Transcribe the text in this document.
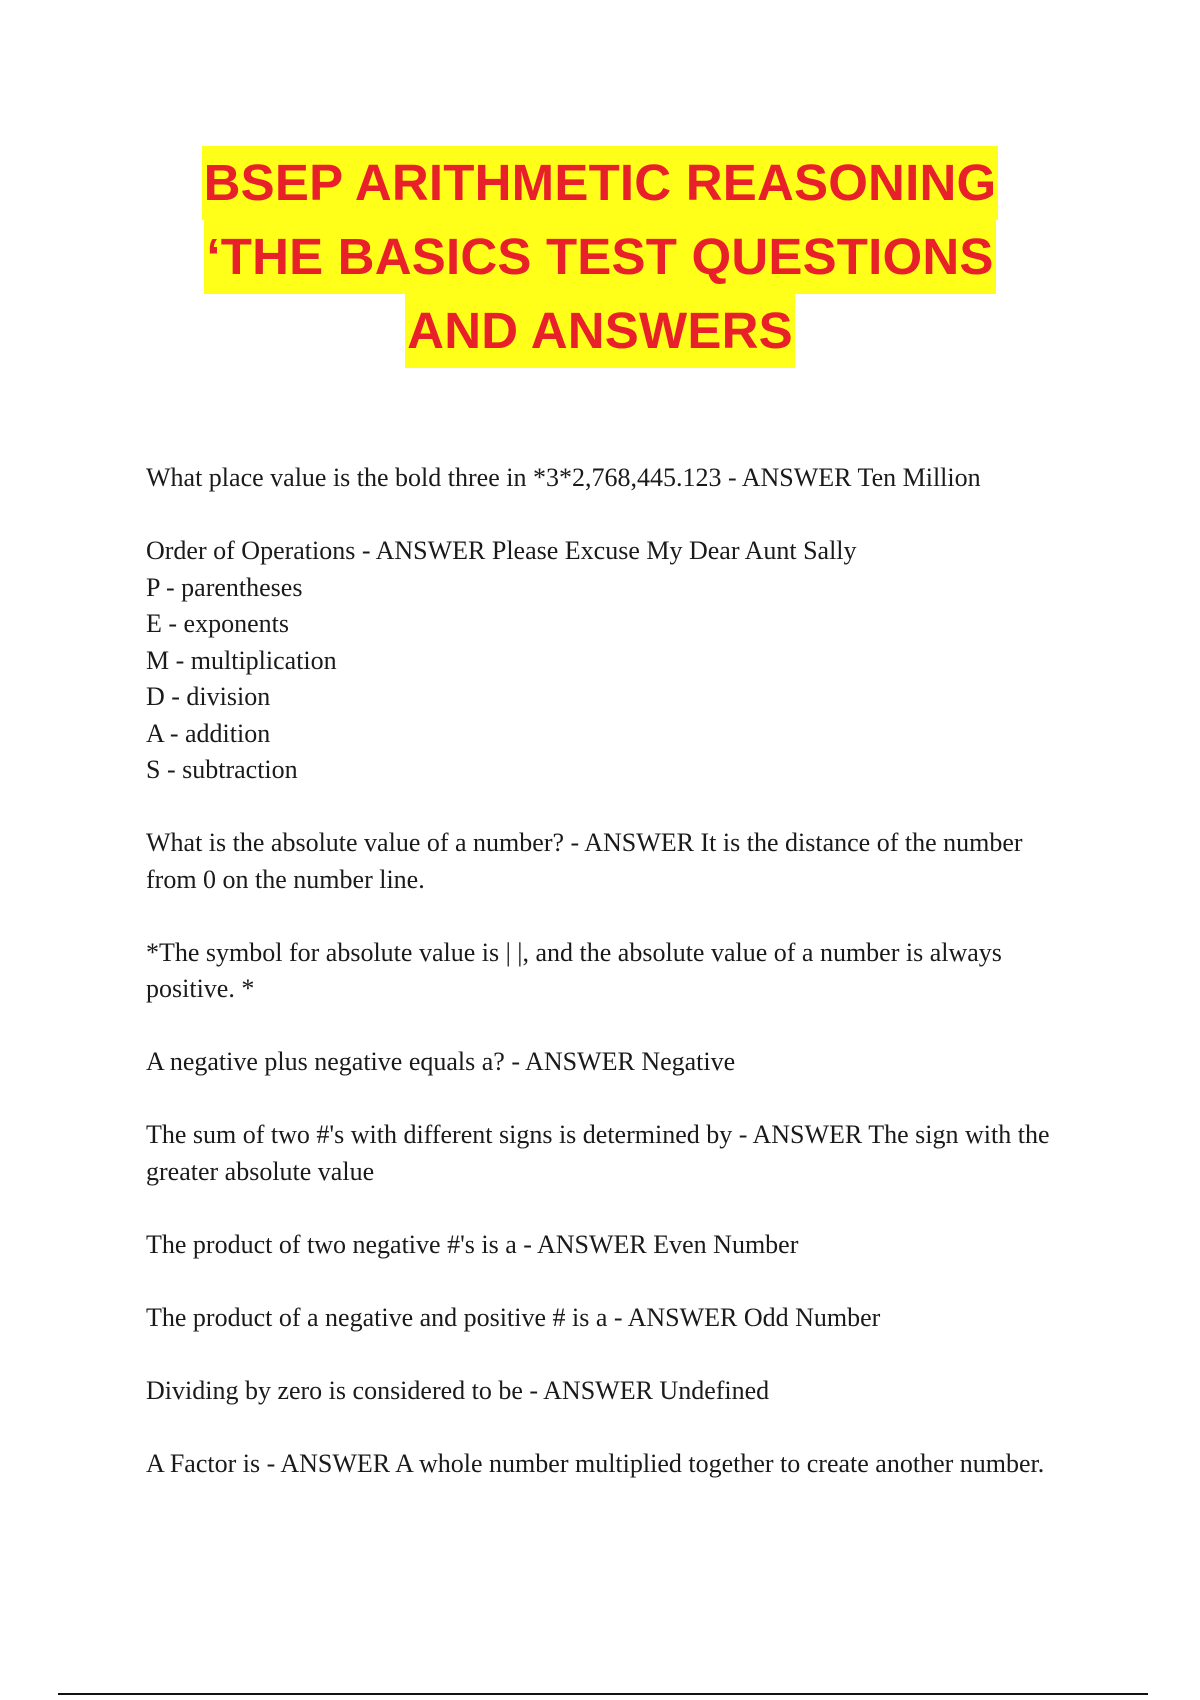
BSEP ARITHMETIC REASONING
‘THE BASICS TEST QUESTIONS
AND ANSWERS

What place value is the bold three in *3*2,768,445.123 - ANSWER Ten Million

Order of Operations - ANSWER Please Excuse My Dear Aunt Sally

P - parentheses

E - exponents

M - multiplication

D - division

A - addition

S - subtraction

What is the absolute value of a number? - ANSWER It is the distance of the number from 0 on the number line.

*The symbol for absolute value is | |, and the absolute value of a number is always positive. *

A negative plus negative equals a? - ANSWER Negative

The sum of two #'s with different signs is determined by - ANSWER The sign with the greater absolute value

The product of two negative #'s is a - ANSWER Even Number

The product of a negative and positive # is a - ANSWER Odd Number

Dividing by zero is considered to be - ANSWER Undefined

A Factor is - ANSWER A whole number multiplied together to create another number.
